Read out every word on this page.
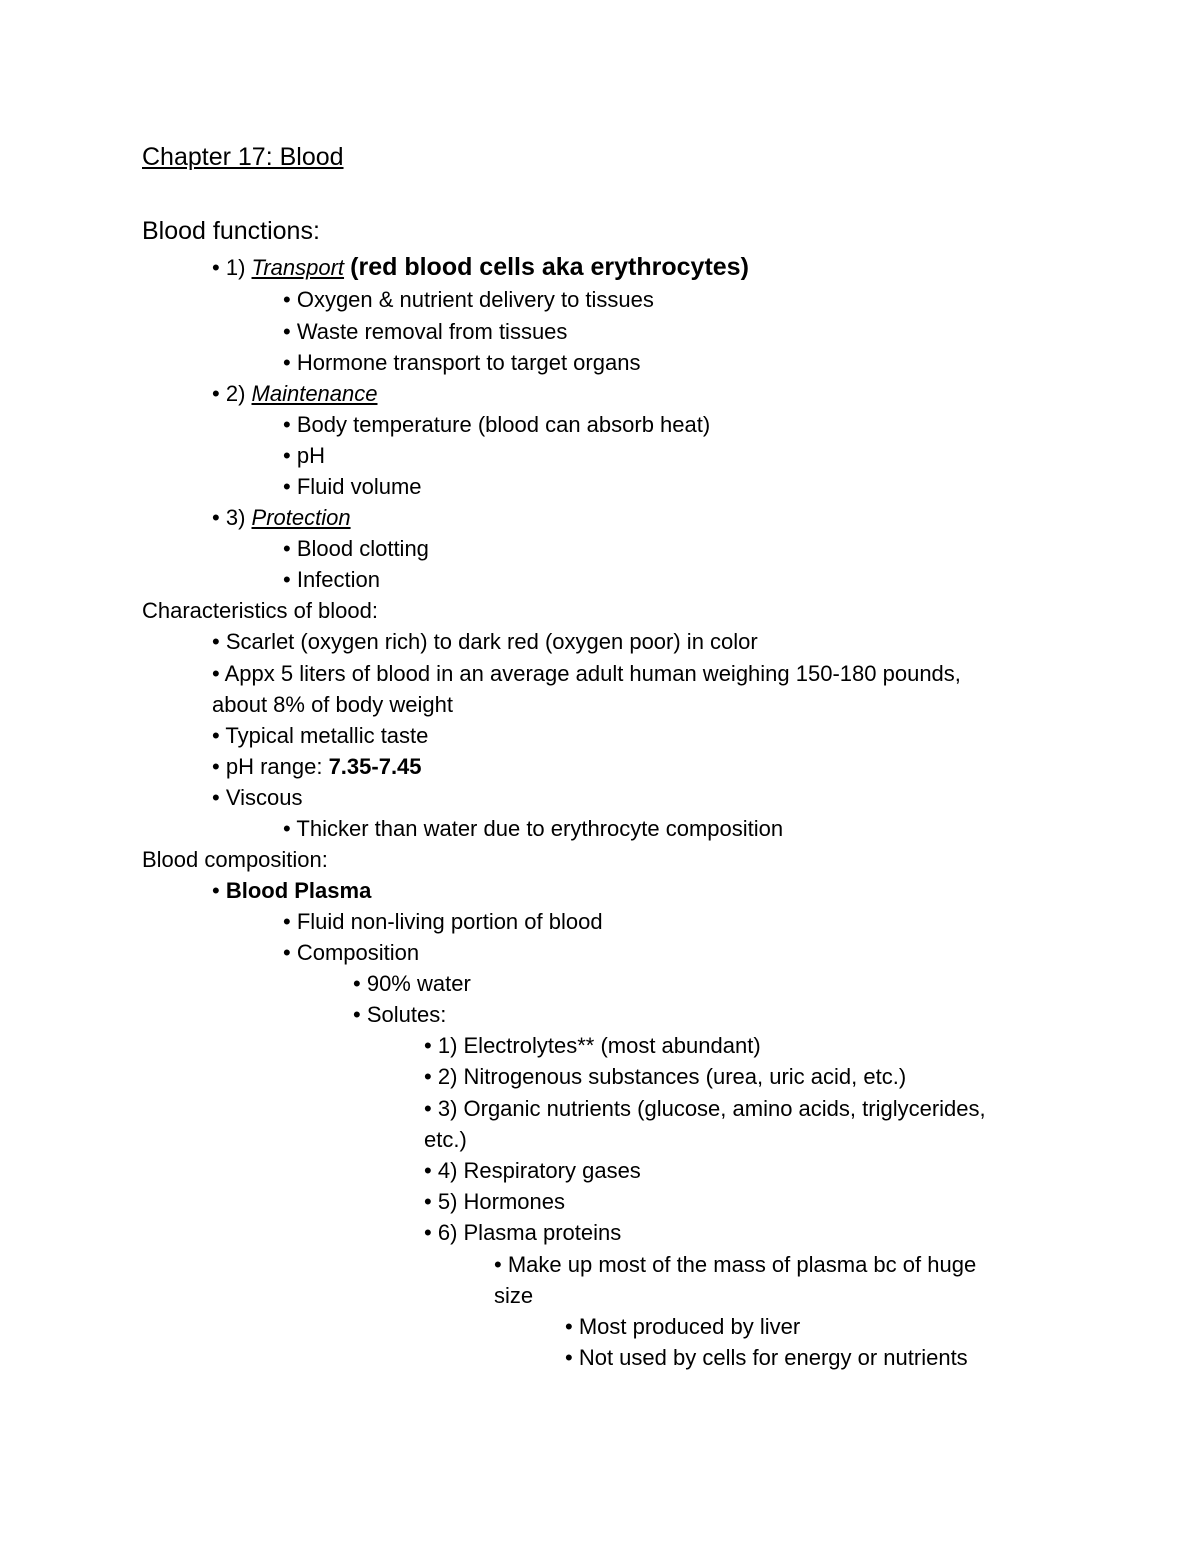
Chapter 17: Blood

Blood functions:

• 1) Transport (red blood cells aka erythrocytes)

• Oxygen & nutrient delivery to tissues

• Waste removal from tissues

• Hormone transport to target organs

• 2) Maintenance

• Body temperature (blood can absorb heat)

• pH

• Fluid volume

• 3) Protection

• Blood clotting

• Infection

Characteristics of blood:

• Scarlet (oxygen rich) to dark red (oxygen poor) in color

• Appx 5 liters of blood in an average adult human weighing 150-180 pounds,

about 8% of body weight

• Typical metallic taste

• pH range: 7.35-7.45

• Viscous

• Thicker than water due to erythrocyte composition

Blood composition:

• Blood Plasma

• Fluid non-living portion of blood

• Composition

• 90% water

• Solutes:

• 1) Electrolytes** (most abundant)

• 2) Nitrogenous substances (urea, uric acid, etc.)

• 3) Organic nutrients (glucose, amino acids, triglycerides,

etc.)

• 4) Respiratory gases

• 5) Hormones

• 6) Plasma proteins

• Make up most of the mass of plasma bc of huge

size

• Most produced by liver

• Not used by cells for energy or nutrients
